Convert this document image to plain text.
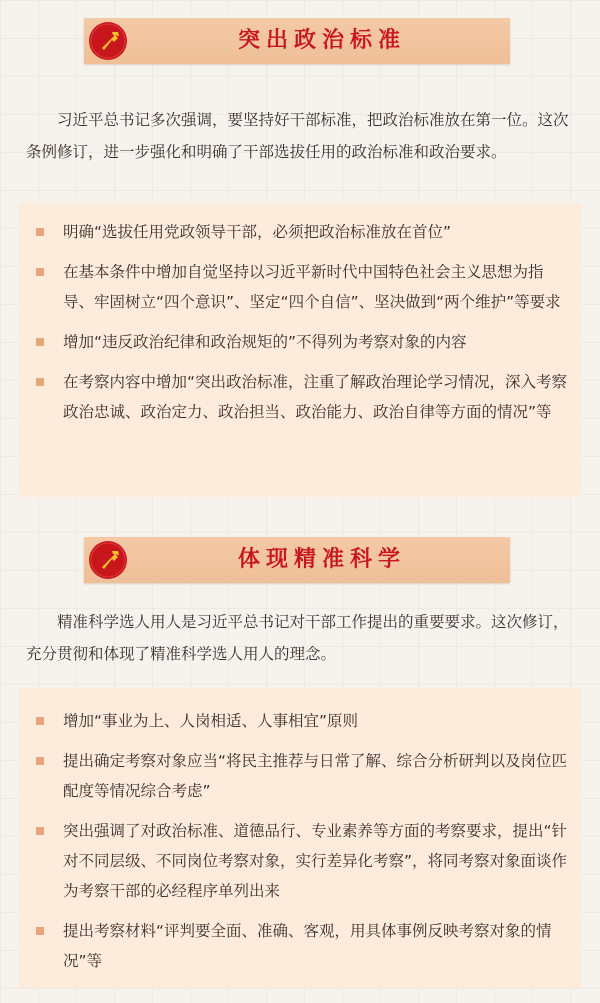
突出政治标准

习近平总书记多次强调，要坚持好干部标准，把政治标准放在第一位。这次条例修订，进一步强化和明确了干部选拔任用的政治标准和政治要求。

明确“选拔任用党政领导干部，必须把政治标准放在首位”
在基本条件中增加自觉坚持以习近平新时代中国特色社会主义思想为指导、牢固树立“四个意识”、坚定“四个自信”、坚决做到“两个维护”等要求
增加“违反政治纪律和政治规矩的”不得列为考察对象的内容
在考察内容中增加“突出政治标准，注重了解政治理论学习情况，深入考察政治忠诚、政治定力、政治担当、政治能力、政治自律等方面的情况”等
体现精准科学

精准科学选人用人是习近平总书记对干部工作提出的重要要求。这次修订，充分贯彻和体现了精准科学选人用人的理念。

增加“事业为上、人岗相适、人事相宜”原则
提出确定考察对象应当“将民主推荐与日常了解、综合分析研判以及岗位匹配度等情况综合考虑”
突出强调了对政治标准、道德品行、专业素养等方面的考察要求，提出“针对不同层级、不同岗位考察对象，实行差异化考察”，将同考察对象面谈作为考察干部的必经程序单列出来
提出考察材料“评判要全面、准确、客观，用具体事例反映考察对象的情况”等
